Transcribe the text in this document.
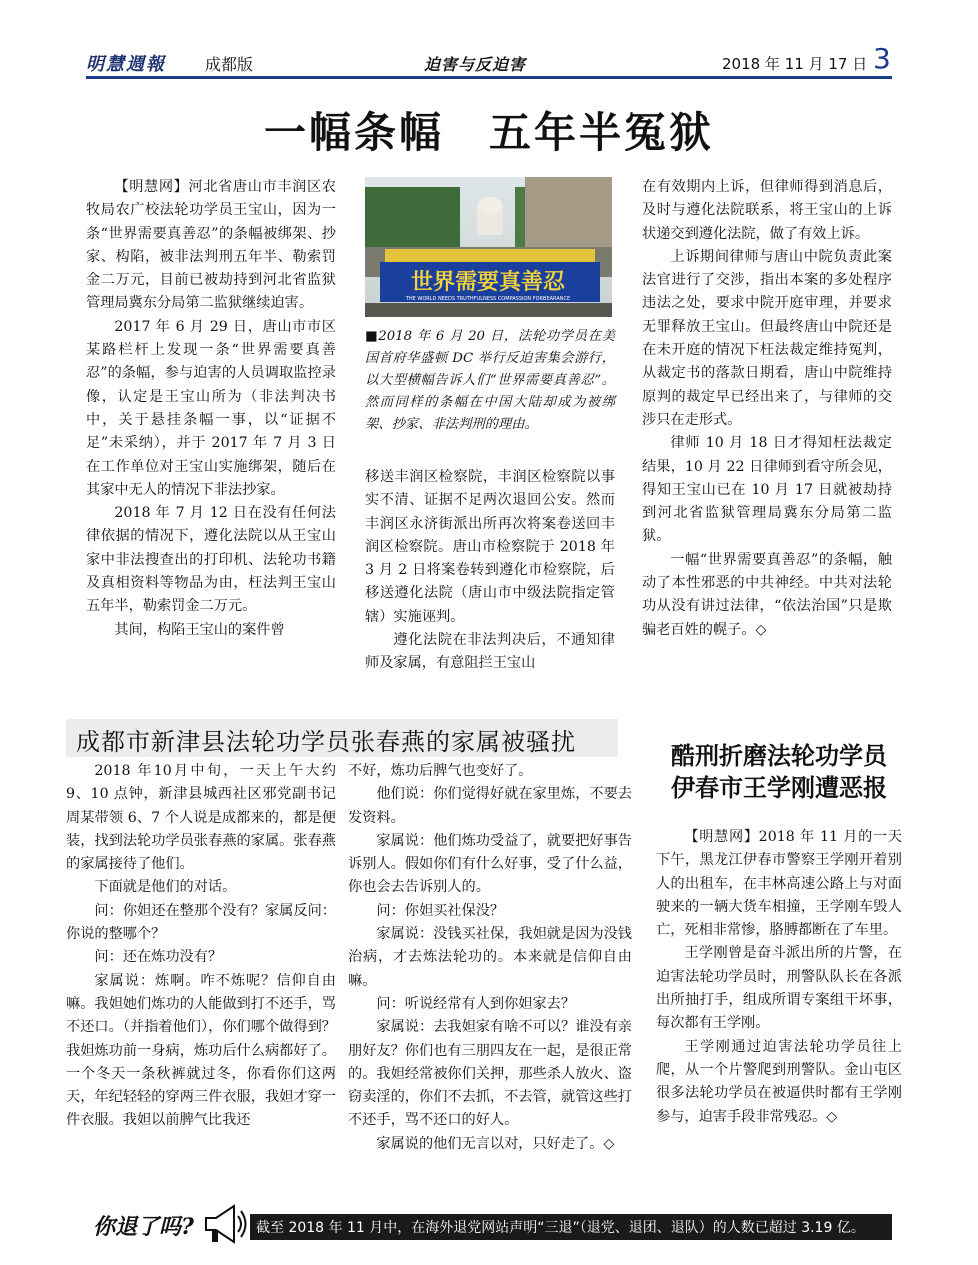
明慧週報 成都版	迫害与反迫害	2018 年 11 月 17 日 3
一幅条幅　五年半冤狱

【明慧网】河北省唐山市丰润区农牧局农广校法轮功学员王宝山，因为一条“世界需要真善忍”的条幅被绑架、抄家、构陷，被非法判刑五年半、勒索罚金二万元，目前已被劫持到河北省监狱管理局冀东分局第二监狱继续迫害。

2017 年 6 月 29 日，唐山市市区某路栏杆上发现一条“世界需要真善忍”的条幅，参与迫害的人员调取监控录像，认定是王宝山所为（非法判决书中，关于悬挂条幅一事，以“证据不足”未采纳），并于 2017 年 7 月 3 日在工作单位对王宝山实施绑架，随后在其家中无人的情况下非法抄家。

2018 年 7 月 12 日在没有任何法律依据的情况下，遵化法院以从王宝山家中非法搜查出的打印机、法轮功书籍及真相资料等物品为由，枉法判王宝山五年半，勒索罚金二万元。

其间，构陷王宝山的案件曾

世界需要真善忍
THE WORLD NEEDS TRUTHFULNESS COMPASSION FORBEARANCE
■2018 年 6 月 20 日，法轮功学员在美国首府华盛顿 DC 举行反迫害集会游行，以大型横幅告诉人们“世界需要真善忍”。然而同样的条幅在中国大陆却成为被绑架、抄家、非法判刑的理由。

移送丰润区检察院，丰润区检察院以事实不清、证据不足两次退回公安。然而丰润区永济街派出所再次将案卷送回丰润区检察院。唐山市检察院于 2018 年 3 月 2 日将案卷转到遵化市检察院，后移送遵化法院（唐山市中级法院指定管辖）实施诬判。

遵化法院在非法判决后，不通知律师及家属，有意阻拦王宝山

在有效期内上诉，但律师得到消息后，及时与遵化法院联系，将王宝山的上诉状递交到遵化法院，做了有效上诉。

上诉期间律师与唐山中院负责此案法官进行了交涉，指出本案的多处程序违法之处，要求中院开庭审理，并要求无罪释放王宝山。但最终唐山中院还是在未开庭的情况下枉法裁定维持冤判，从裁定书的落款日期看，唐山中院维持原判的裁定早已经出来了，与律师的交涉只在走形式。

律师 10 月 18 日才得知枉法裁定结果，10 月 22 日律师到看守所会见，得知王宝山已在 10 月 17 日就被劫持到河北省监狱管理局冀东分局第二监狱。

一幅“世界需要真善忍”的条幅，触动了本性邪恶的中共神经。中共对法轮功从没有讲过法律，“依法治国”只是欺骗老百姓的幌子。◇

成都市新津县法轮功学员张春燕的家属被骚扰

2018 年10月中旬，一天上午大约 9、10 点钟，新津县城西社区邪党副书记周某带领 6、7 个人说是成都来的，都是便装，找到法轮功学员张春燕的家属。张春燕的家属接待了他们。

下面就是他们的对话。

问：你妲还在整那个没有？家属反问：你说的整哪个？

问：还在炼功没有？

家属说：炼啊。咋不炼呢？信仰自由嘛。我妲她们炼功的人能做到打不还手，骂不还口。（并指着他们），你们哪个做得到？我妲炼功前一身病，炼功后什么病都好了。一个冬天一条秋裤就过冬，你看你们这两天，年纪轻轻的穿两三件衣服，我妲才穿一件衣服。我妲以前脾气比我还

不好，炼功后脾气也变好了。

他们说：你们觉得好就在家里炼，不要去发资料。

家属说：他们炼功受益了，就要把好事告诉别人。假如你们有什么好事，受了什么益，你也会去告诉别人的。

问：你妲买社保没？

家属说：没钱买社保，我妲就是因为没钱治病，才去炼法轮功的。本来就是信仰自由嘛。

问：听说经常有人到你妲家去？

家属说：去我妲家有啥不可以？谁没有亲朋好友？你们也有三朋四友在一起，是很正常的。我妲经常被你们关押，那些杀人放火、盗窃卖淫的，你们不去抓，不去管，就管这些打不还手，骂不还口的好人。

家属说的他们无言以对，只好走了。◇

酷刑折磨法轮功学员
伊春市王学刚遭恶报

【明慧网】2018 年 11 月的一天下午，黑龙江伊春市警察王学刚开着别人的出租车，在丰林高速公路上与对面驶来的一辆大货车相撞，王学刚车毁人亡，死相非常惨，胳膊都断在了车里。

王学刚曾是奋斗派出所的片警，在迫害法轮功学员时，刑警队队长在各派出所抽打手，组成所谓专案组干坏事，每次都有王学刚。

王学刚通过迫害法轮功学员往上爬，从一个片警爬到刑警队。金山屯区很多法轮功学员在被逼供时都有王学刚参与，迫害手段非常残忍。◇

你退了吗?	截至 2018 年 11 月中，在海外退党网站声明“三退”（退党、退团、退队）的人数已超过 3.19 亿。
